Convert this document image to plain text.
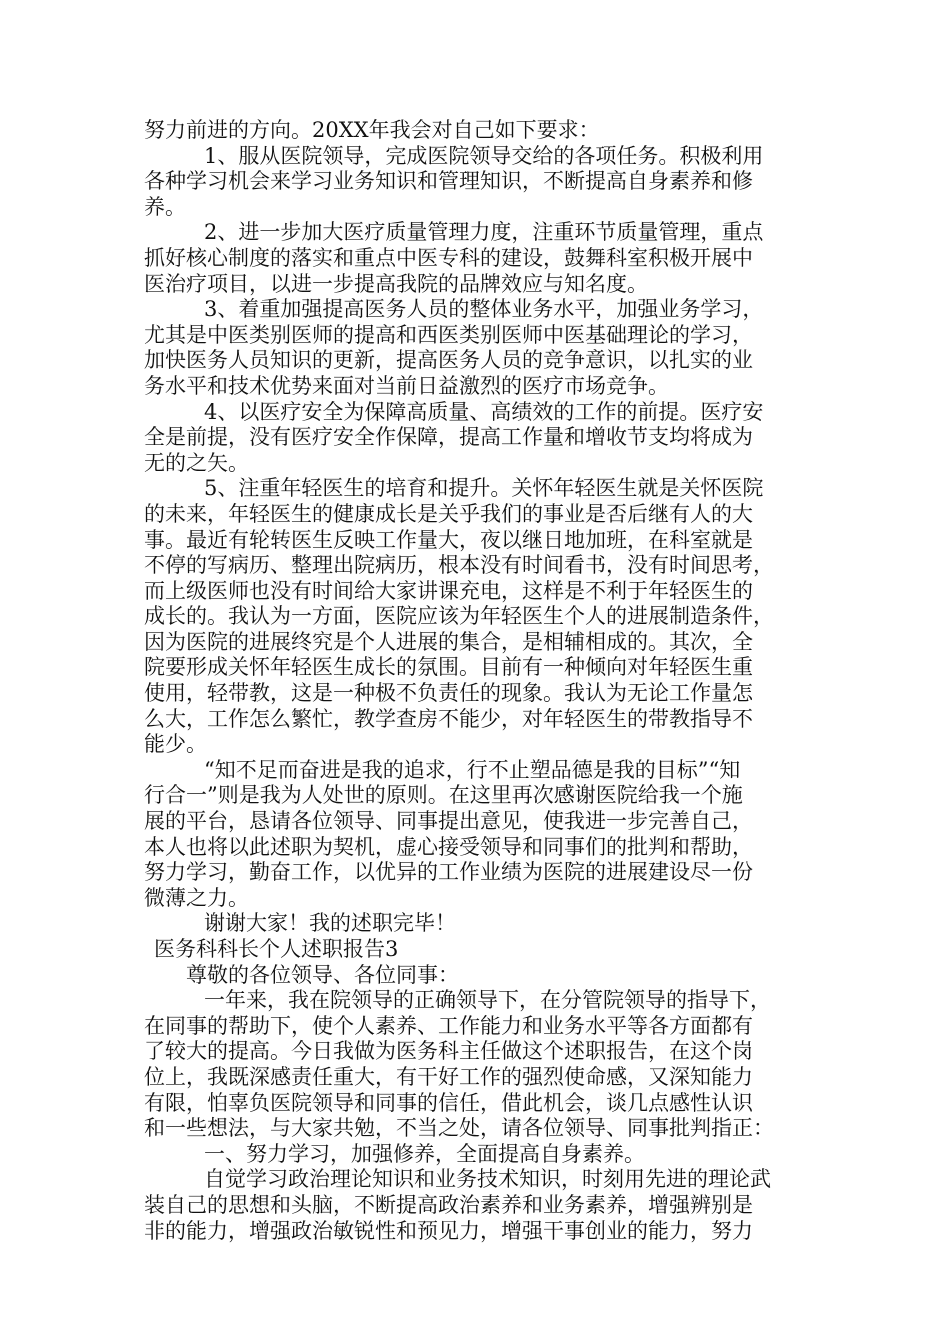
努力前进的方向。20XX年我会对自己如下要求：
1、服从医院领导，完成医院领导交给的各项任务。积极利用
各种学习机会来学习业务知识和管理知识，不断提高自身素养和修
养。
2、进一步加大医疗质量管理力度，注重环节质量管理，重点
抓好核心制度的落实和重点中医专科的建设，鼓舞科室积极开展中
医治疗项目，以进一步提高我院的品牌效应与知名度。
3、着重加强提高医务人员的整体业务水平，加强业务学习，
尤其是中医类别医师的提高和西医类别医师中医基础理论的学习，
加快医务人员知识的更新，提高医务人员的竞争意识，以扎实的业
务水平和技术优势来面对当前日益激烈的医疗市场竞争。
4、以医疗安全为保障高质量、高绩效的工作的前提。医疗安
全是前提，没有医疗安全作保障，提高工作量和增收节支均将成为
无的之矢。
5、注重年轻医生的培育和提升。关怀年轻医生就是关怀医院
的未来，年轻医生的健康成长是关乎我们的事业是否后继有人的大
事。最近有轮转医生反映工作量大，夜以继日地加班，在科室就是
不停的写病历、整理出院病历，根本没有时间看书，没有时间思考，
而上级医师也没有时间给大家讲课充电，这样是不利于年轻医生的
成长的。我认为一方面，医院应该为年轻医生个人的进展制造条件，
因为医院的进展终究是个人进展的集合，是相辅相成的。其次，全
院要形成关怀年轻医生成长的氛围。目前有一种倾向对年轻医生重
使用，轻带教，这是一种极不负责任的现象。我认为无论工作量怎
么大，工作怎么繁忙，教学查房不能少，对年轻医生的带教指导不
能少。
“知不足而奋进是我的追求，行不止塑品德是我的目标”“知
行合一”则是我为人处世的原则。在这里再次感谢医院给我一个施
展的平台，恳请各位领导、同事提出意见，使我进一步完善自己，
本人也将以此述职为契机，虚心接受领导和同事们的批判和帮助，
努力学习，勤奋工作，以优异的工作业绩为医院的进展建设尽一份
微薄之力。
谢谢大家！我的述职完毕！
医务科科长个人述职报告3
尊敬的各位领导、各位同事：
一年来，我在院领导的正确领导下，在分管院领导的指导下，
在同事的帮助下，使个人素养、工作能力和业务水平等各方面都有
了较大的提高。今日我做为医务科主任做这个述职报告，在这个岗
位上，我既深感责任重大，有干好工作的强烈使命感，又深知能力
有限，怕辜负医院领导和同事的信任，借此机会，谈几点感性认识
和一些想法，与大家共勉，不当之处，请各位领导、同事批判指正：
一、努力学习，加强修养，全面提高自身素养。
自觉学习政治理论知识和业务技术知识，时刻用先进的理论武
装自己的思想和头脑，不断提高政治素养和业务素养，增强辨别是
非的能力，增强政治敏锐性和预见力，增强干事创业的能力，努力
